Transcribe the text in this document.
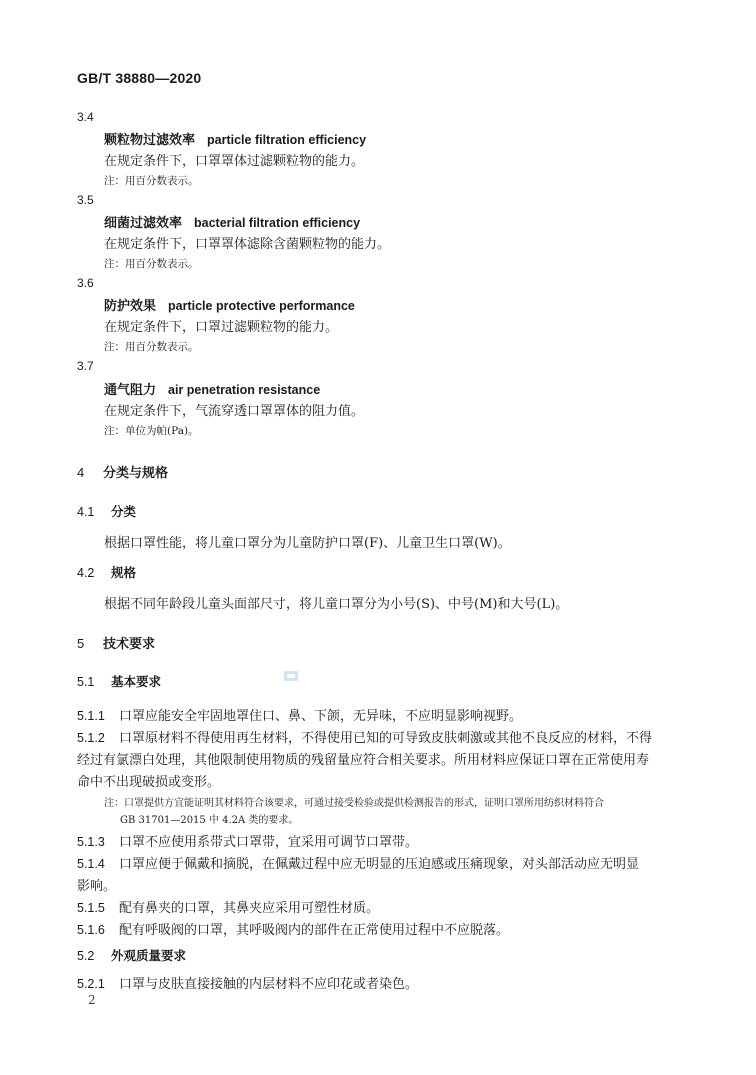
GB/T 38880—2020
3.4
颗粒物过滤效率 particle filtration efficiency
在规定条件下，口罩罩体过滤颗粒物的能力。
注：用百分数表示。
3.5
细菌过滤效率 bacterial filtration efficiency
在规定条件下，口罩罩体滤除含菌颗粒物的能力。
注：用百分数表示。
3.6
防护效果 particle protective performance
在规定条件下，口罩过滤颗粒物的能力。
注：用百分数表示。
3.7
通气阻力 air penetration resistance
在规定条件下，气流穿透口罩罩体的阻力值。
注：单位为帕(Pa)。
4 分类与规格
4.1 分类
根据口罩性能，将儿童口罩分为儿童防护口罩(F)、儿童卫生口罩(W)。
4.2 规格
根据不同年龄段儿童头面部尺寸，将儿童口罩分为小号(S)、中号(M)和大号(L)。
5 技术要求
5.1 基本要求
5.1.1 口罩应能安全牢固地罩住口、鼻、下颌，无异味，不应明显影响视野。
5.1.2 口罩原材料不得使用再生材料，不得使用已知的可导致皮肤刺激或其他不良反应的材料，不得
经过有氯漂白处理，其他限制使用物质的残留量应符合相关要求。所用材料应保证口罩在正常使用寿
命中不出现破损或变形。
注：口罩提供方宜能证明其材料符合该要求，可通过接受检验或提供检测报告的形式，证明口罩所用纺织材料符合
GB 31701—2015 中 4.2A 类的要求。
5.1.3 口罩不应使用系带式口罩带，宜采用可调节口罩带。
5.1.4 口罩应便于佩戴和摘脱，在佩戴过程中应无明显的压迫感或压痛现象，对头部活动应无明显
影响。
5.1.5 配有鼻夹的口罩，其鼻夹应采用可塑性材质。
5.1.6 配有呼吸阀的口罩，其呼吸阀内的部件在正常使用过程中不应脱落。
5.2 外观质量要求
5.2.1 口罩与皮肤直接接触的内层材料不应印花或者染色。
2
